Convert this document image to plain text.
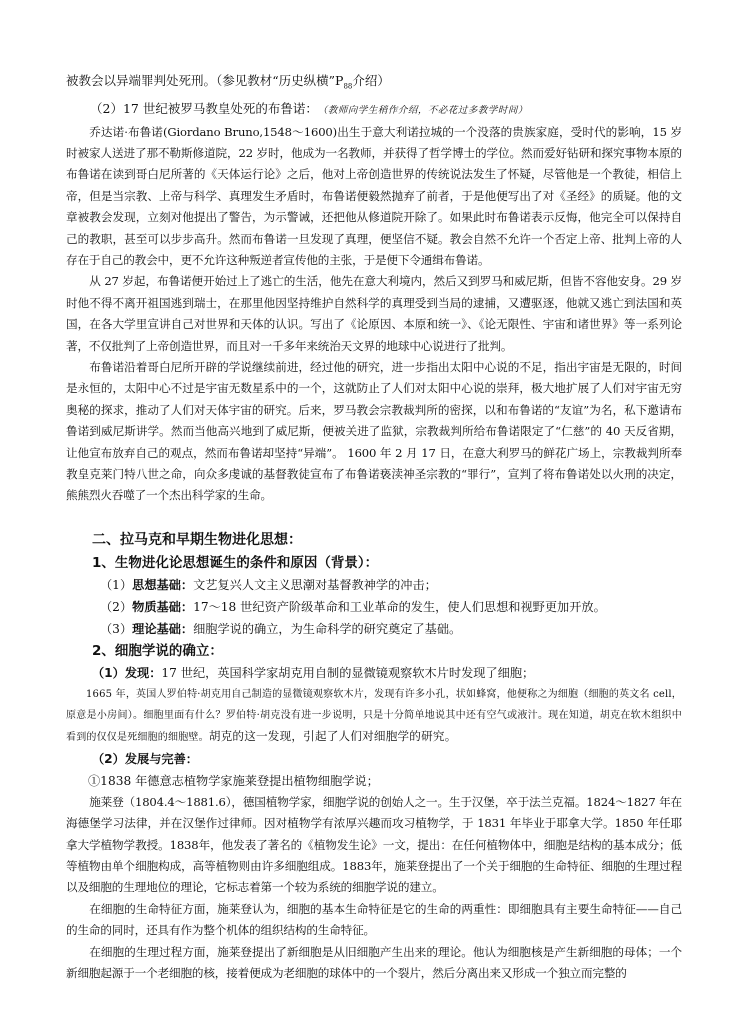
被教会以异端罪判处死刑。（参见教材“历史纵横$”P_{88}$介绍）

（2）17 世纪被罗马教皇处死的布鲁诺：（教师向学生稍作介绍，不必花过多教学时间）

乔达诺·布鲁诺(Giordano Bruno,1548～1600)出生于意大利诺拉城的一个没落的贵族家庭，受时代的影响，15 岁时被家人送进了那不勒斯修道院，22 岁时，他成为一名教师，并获得了哲学博士的学位。然而爱好钻研和探究事物本原的布鲁诺在读到哥白尼所著的《天体运行论》之后，他对上帝创造世界的传统说法发生了怀疑，尽管他是一个教徒，相信上帝，但是当宗教、上帝与科学、真理发生矛盾时，布鲁诺便毅然抛弃了前者，于是他便写出了对《圣经》的质疑。他的文章被教会发现，立刻对他提出了警告，为示警诫，还把他从修道院开除了。如果此时布鲁诺表示反悔，他完全可以保持自己的教职，甚至可以步步高升。然而布鲁诺一旦发现了真理，便坚信不疑。教会自然不允许一个否定上帝、批判上帝的人存在于自己的教会中，更不允许这种叛逆者宣传他的主张，于是便下令通缉布鲁诺。

从 27 岁起，布鲁诺便开始过上了逃亡的生活，他先在意大利境内，然后又到罗马和威尼斯，但皆不容他安身。29 岁时他不得不离开祖国逃到瑞士，在那里他因坚持维护自然科学的真理受到当局的逮捕，又遭驱逐，他就又逃亡到法国和英国，在各大学里宣讲自己对世界和天体的认识。写出了《论原因、本原和统一》、《论无限性、宇宙和诸世界》等一系列论著，不仅批判了上帝创造世界，而且对一千多年来统治天文界的地球中心说进行了批判。

布鲁诺沿着哥白尼所开辟的学说继续前进，经过他的研究，进一步指出太阳中心说的不足，指出宇宙是无限的，时间是永恒的，太阳中心不过是宇宙无数星系中的一个，这就防止了人们对太阳中心说的崇拜，极大地扩展了人们对宇宙无穷奥秘的探求，推动了人们对天体宇宙的研究。后来，罗马教会宗教裁判所的密探，以和布鲁诺的“友谊”为名，私下邀请布鲁诺到威尼斯讲学。然而当他高兴地到了威尼斯，便被关进了监狱，宗教裁判所给布鲁诺限定了“仁慈”的 40 天反省期，让他宣布放弃自己的观点，然而布鲁诺却坚持“异端”。 1600 年 2 月 17 日，在意大利罗马的鲜花广场上，宗教裁判所奉教皇克莱门特八世之命，向众多虔诚的基督教徒宣布了布鲁诺亵渎神圣宗教的“罪行”，宣判了将布鲁诺处以火刑的决定，熊熊烈火吞噬了一个杰出科学家的生命。

二、拉马克和早期生物进化思想：

1、生物进化论思想诞生的条件和原因（背景）：

（1）思想基础：文艺复兴人文主义思潮对基督教神学的冲击；

（2）物质基础：17～18 世纪资产阶级革命和工业革命的发生，使人们思想和视野更加开放。

（3）理论基础：细胞学说的确立，为生命科学的研究奠定了基础。

2、细胞学说的确立：

（1）发现：17 世纪，英国科学家胡克用自制的显微镜观察软木片时发现了细胞；

1665 年，英国人罗伯特·胡克用自己制造的显微镜观察软木片，发现有许多小孔，状如蜂窝，他便称之为细胞（细胞的英文名 cell，原意是小房间）。细胞里面有什么？罗伯特·胡克没有进一步说明，只是十分简单地说其中还有空气或液汁。现在知道，胡克在软木组织中看到的仅仅是死细胞的细胞壁。胡克的这一发现，引起了人们对细胞学的研究。

（2）发展与完善：

①1838 年德意志植物学家施莱登提出植物细胞学说；

施莱登（1804.4～1881.6），德国植物学家，细胞学说的创始人之一。生于汉堡，卒于法兰克福。1824～1827 年在海德堡学习法律，并在汉堡作过律师。因对植物学有浓厚兴趣而攻习植物学，于 1831 年毕业于耶拿大学。1850 年任耶拿大学植物学教授。1838年，他发表了著名的《植物发生论》一文，提出：在任何植物体中，细胞是结构的基本成分；低等植物由单个细胞构成，高等植物则由许多细胞组成。1883年，施莱登提出了一个关于细胞的生命特征、细胞的生理过程以及细胞的生理地位的理论，它标志着第一个较为系统的细胞学说的建立。

在细胞的生命特征方面，施莱登认为，细胞的基本生命特征是它的生命的两重性：即细胞具有主要生命特征——自己的生命的同时，还具有作为整个机体的组织结构的生命特征。

在细胞的生理过程方面，施莱登提出了新细胞是从旧细胞产生出来的理论。他认为细胞核是产生新细胞的母体；一个新细胞起源于一个老细胞的核，接着便成为老细胞的球体中的一个裂片，然后分离出来又形成一个独立而完整的
